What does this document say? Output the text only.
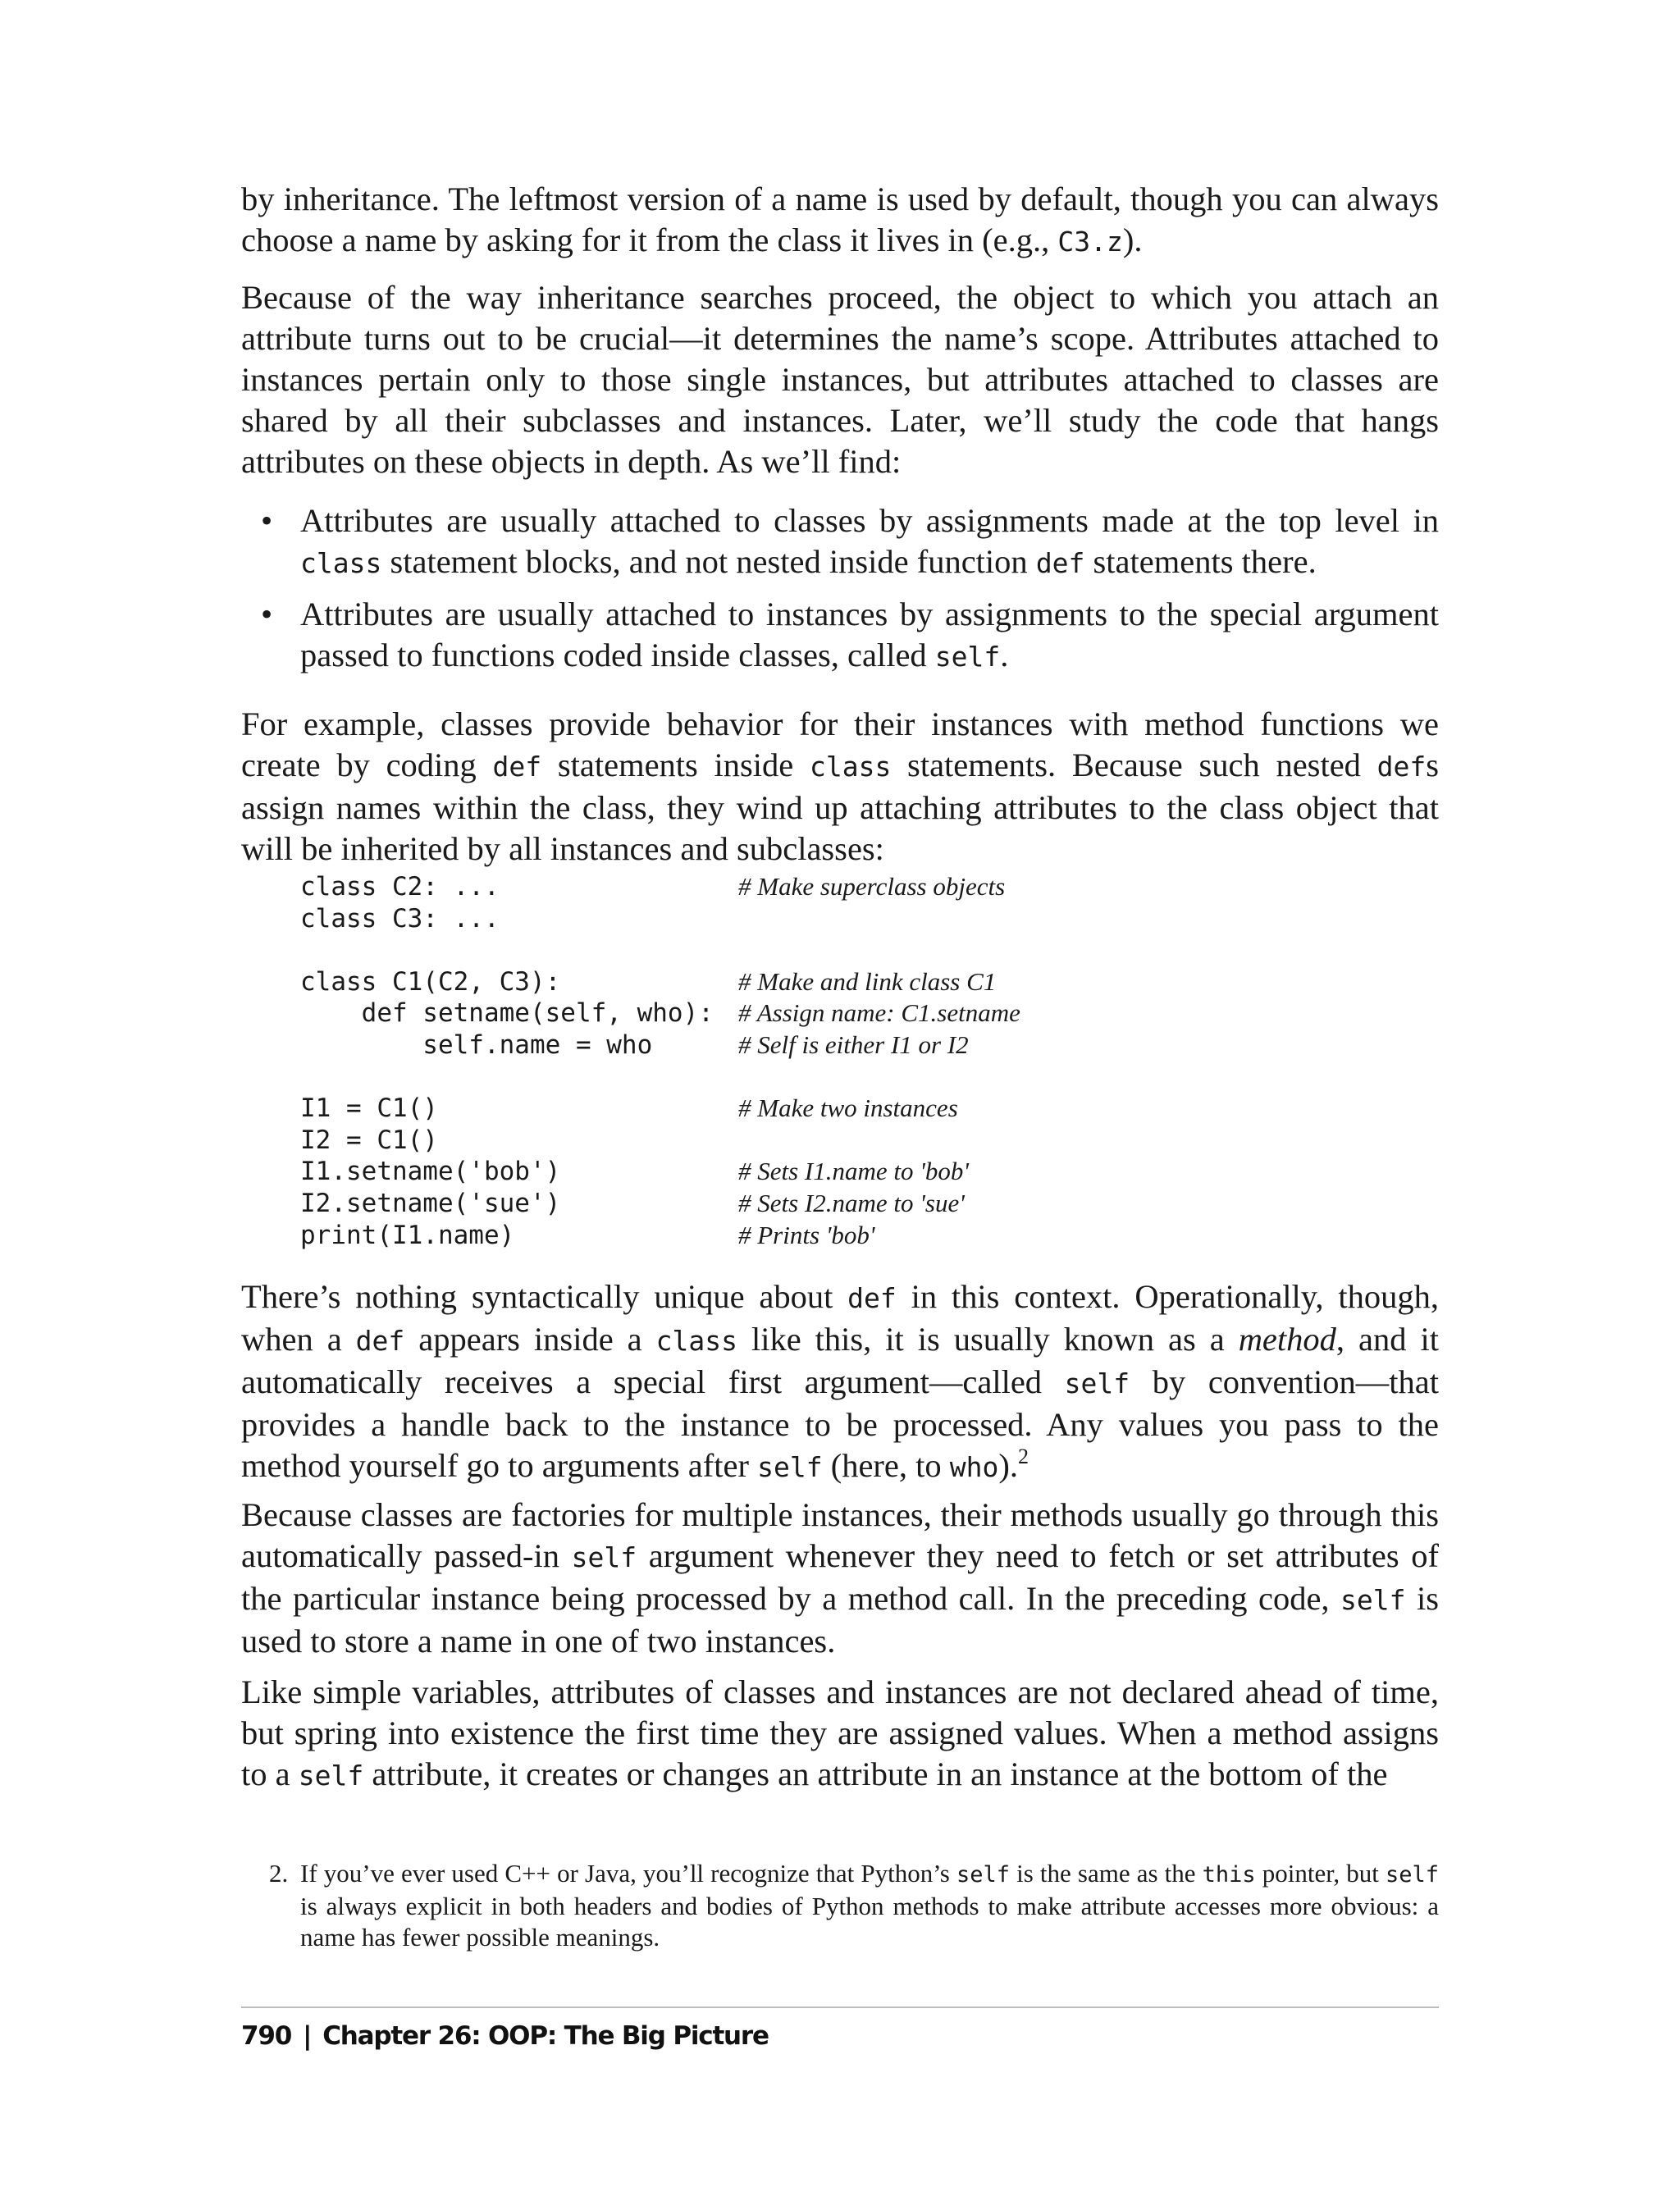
by inheritance. The leftmost version of a name is used by default, though you can always choose a name by asking for it from the class it lives in (e.g., C3.z).

Because of the way inheritance searches proceed, the object to which you attach an attribute turns out to be crucial—it determines the name’s scope. Attributes attached to instances pertain only to those single instances, but attributes attached to classes are shared by all their subclasses and instances. Later, we’ll study the code that hangs attributes on these objects in depth. As we’ll find:

• Attributes are usually attached to classes by assignments made at the top level in class statement blocks, and not nested inside function def statements there.
• Attributes are usually attached to instances by assignments to the special argument passed to functions coded inside classes, called self.

For example, classes provide behavior for their instances with method functions we create by coding def statements inside class statements. Because such nested defs assign names within the class, they wind up attaching attributes to the class object that will be inherited by all instances and subclasses:

class C2: ...	# Make superclass objects
class C3: ...
class C1(C2, C3):	# Make and link class C1
def setname(self, who): # Assign name: C1.setname
self.name = who	# Self is either I1 or I2
I1 = C1()	# Make two instances
I2 = C1()
I1.setname('bob')	# Sets I1.name to 'bob'
I2.setname('sue')	# Sets I2.name to 'sue'
print(I1.name)	# Prints 'bob'

There’s nothing syntactically unique about def in this context. Operationally, though, when a def appears inside a class like this, it is usually known as a method, and it automatically receives a special first argument—called self by convention—that provides a handle back to the instance to be processed. Any values you pass to the method yourself go to arguments after self (here, to who).$^2$

Because classes are factories for multiple instances, their methods usually go through this automatically passed-in self argument whenever they need to fetch or set attributes of the particular instance being processed by a method call. In the preceding code, self is used to store a name in one of two instances.

Like simple variables, attributes of classes and instances are not declared ahead of time, but spring into existence the first time they are assigned values. When a method assigns to a self attribute, it creates or changes an attribute in an instance at the bottom of the

2. If you’ve ever used C++ or Java, you’ll recognize that Python’s self is the same as the this pointer, but self is always explicit in both headers and bodies of Python methods to make attribute accesses more obvious: a name has fewer possible meanings.
790 | Chapter 26: OOP: The Big Picture
